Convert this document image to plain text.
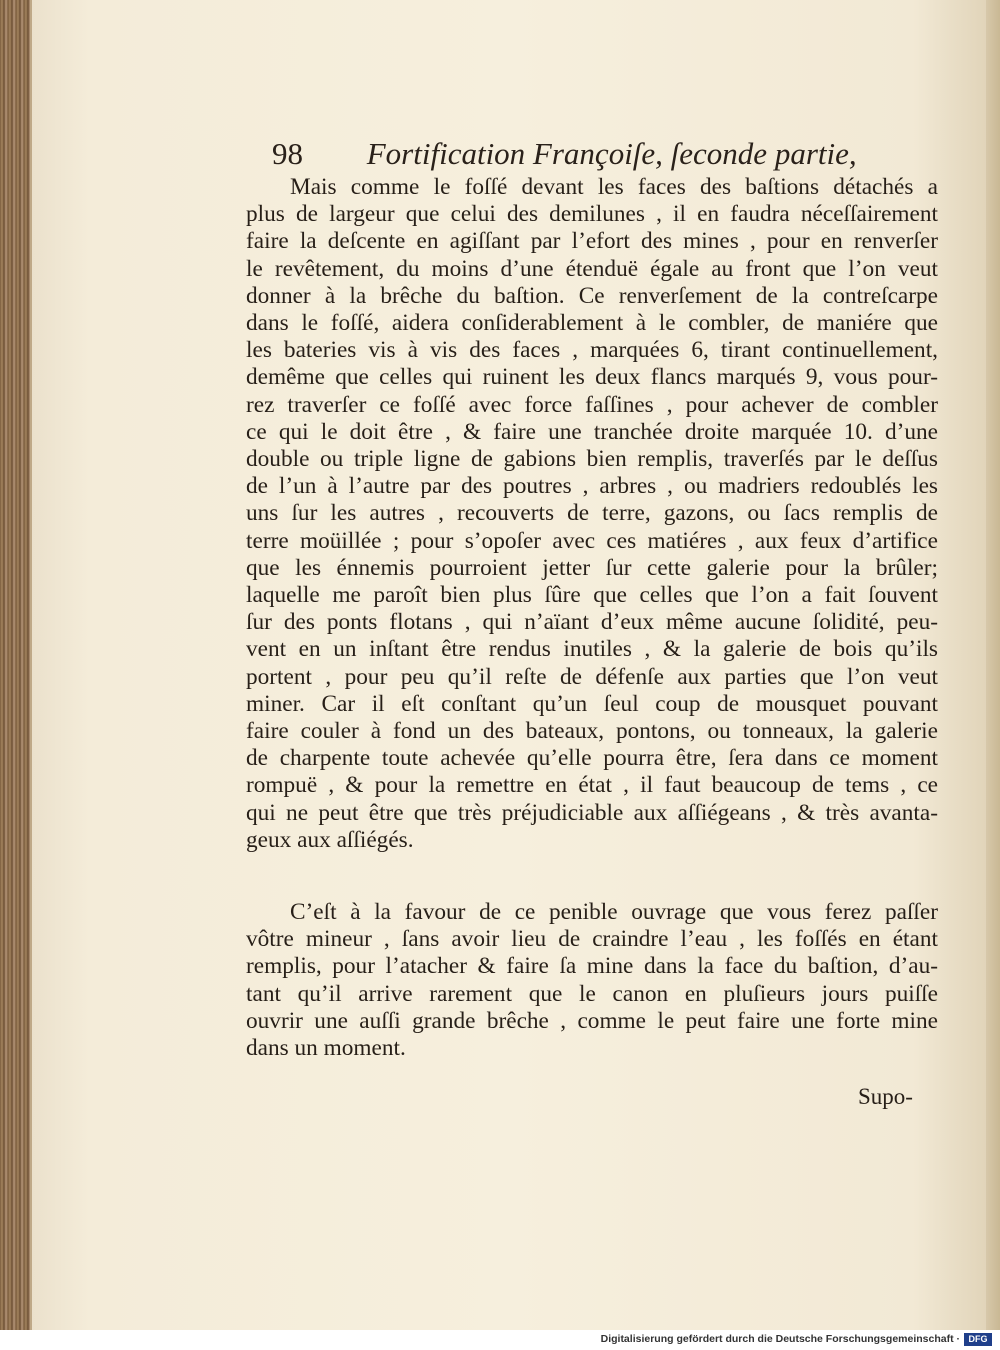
98 Fortification Françoiſe, ſeconde partie,
Mais comme le foſſé devant les faces des baſtions détachés a
plus de largeur que celui des demilunes , il en faudra néceſſairement
faire la deſcente en agiſſant par l’efort des mines , pour en renverſer
le revêtement, du moins d’une étenduë égale au front que l’on veut
donner à la brêche du baſtion. Ce renverſement de la contreſcarpe
dans le foſſé, aidera conſiderablement à le combler, de maniére que
les bateries vis à vis des faces , marquées 6, tirant continuellement,
demême que celles qui ruinent les deux flancs marqués 9, vous pour-
rez traverſer ce foſſé avec force faſſines , pour achever de combler
ce qui le doit être , & faire une tranchée droite marquée 10. d’une
double ou triple ligne de gabions bien remplis, traverſés par le deſſus
de l’un à l’autre par des poutres , arbres , ou madriers redoublés les
uns ſur les autres , recouverts de terre, gazons, ou ſacs remplis de
terre moüillée ; pour s’opoſer avec ces matiéres , aux feux d’artifice
que les énnemis pourroient jetter ſur cette galerie pour la brûler;
laquelle me paroît bien plus ſûre que celles que l’on a fait ſouvent
ſur des ponts flotans , qui n’aïant d’eux même aucune ſolidité, peu-
vent en un inſtant être rendus inutiles , & la galerie de bois qu’ils
portent , pour peu qu’il reſte de défenſe aux parties que l’on veut
miner. Car il eſt conſtant qu’un ſeul coup de mousquet pouvant
faire couler à fond un des bateaux, pontons, ou tonneaux, la galerie
de charpente toute achevée qu’elle pourra être, ſera dans ce moment
rompuë , & pour la remettre en état , il faut beaucoup de tems , ce
qui ne peut être que très préjudiciable aux aſſiégeans , & très avanta-
geux aux aſſiégés.
C’eſt à la favour de ce penible ouvrage que vous ferez paſſer
vôtre mineur , ſans avoir lieu de craindre l’eau , les foſſés en étant
remplis, pour l’atacher & faire ſa mine dans la face du baſtion, d’au-
tant qu’il arrive rarement que le canon en pluſieurs jours puiſſe
ouvrir une auſſi grande brêche , comme le peut faire une forte mine
dans un moment.
Supo-
Digitalisierung gefördert durch die Deutsche Forschungsgemeinschaft · DFG
